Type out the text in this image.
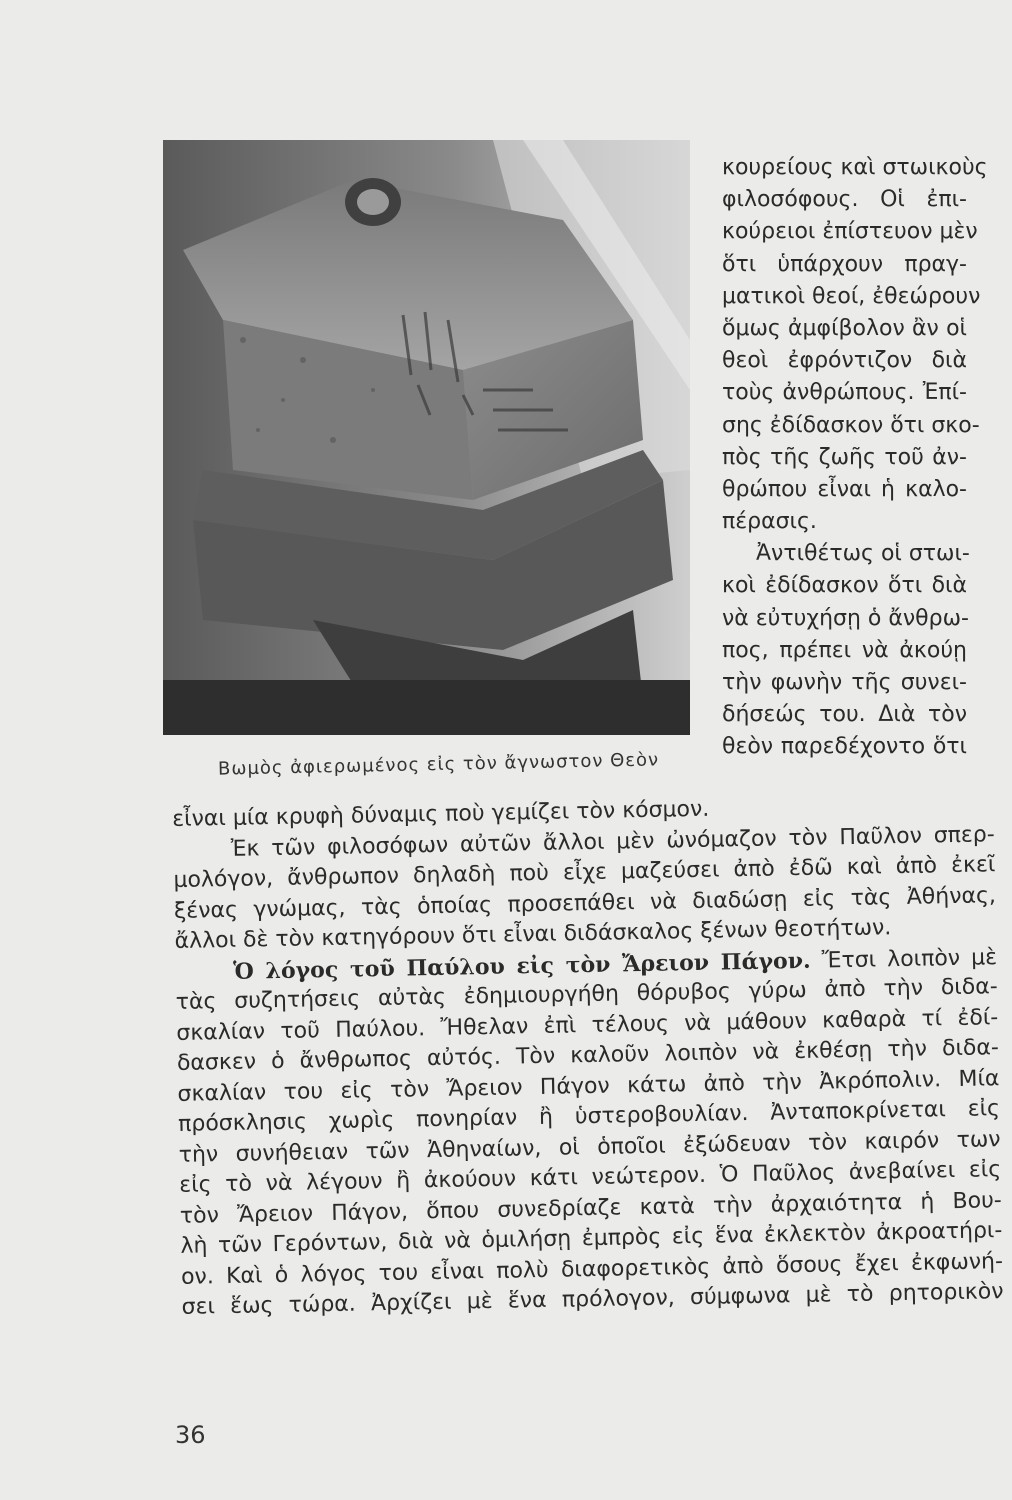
Βωμὸς ἀφιερωμένος εἰς τὸν ἄγνωστον Θεὸν
κουρείους καὶ στωικοὺς
φιλοσόφους. Οἱ ἐπι-
κούρειοι ἐπίστευον μὲν
ὅτι ὑπάρχουν πραγ-
ματικοὶ θεοί, ἐθεώρουν
ὅμως ἀμφίβολον ἂν οἱ
θεοὶ ἐφρόντιζον διὰ
τοὺς ἀνθρώπους. Ἐπί-
σης ἐδίδασκον ὅτι σκο-
πὸς τῆς ζωῆς τοῦ ἀν-
θρώπου εἶναι ἡ καλο-
πέρασις.
Ἀντιθέτως οἱ στωι-
κοὶ ἐδίδασκον ὅτι διὰ
νὰ εὐτυχήσῃ ὁ ἄνθρω-
πος, πρέπει νὰ ἀκούῃ
τὴν φωνὴν τῆς συνει-
δήσεώς του. Διὰ τὸν
θεὸν παρεδέχοντο ὅτι
εἶναι μία κρυφὴ δύναμις ποὺ γεμίζει τὸν κόσμον.
Ἐκ τῶν φιλοσόφων αὐτῶν ἄλλοι μὲν ὠνόμαζον τὸν Παῦλον σπερ-
μολόγον, ἄνθρωπον δηλαδὴ ποὺ εἶχε μαζεύσει ἀπὸ ἐδῶ καὶ ἀπὸ ἐκεῖ
ξένας γνώμας, τὰς ὁποίας προσεπάθει νὰ διαδώσῃ εἰς τὰς Ἀθήνας,
ἄλλοι δὲ τὸν κατηγόρουν ὅτι εἶναι διδάσκαλος ξένων θεοτήτων.
Ὁ λόγος τοῦ Παύλου εἰς τὸν Ἄρειον Πάγον. Ἔτσι λοιπὸν μὲ
τὰς συζητήσεις αὐτὰς ἐδημιουργήθη θόρυβος γύρω ἀπὸ τὴν διδα-
σκαλίαν τοῦ Παύλου. Ἤθελαν ἐπὶ τέλους νὰ μάθουν καθαρὰ τί ἐδί-
δασκεν ὁ ἄνθρωπος αὐτός. Τὸν καλοῦν λοιπὸν νὰ ἐκθέσῃ τὴν διδα-
σκαλίαν του εἰς τὸν Ἄρειον Πάγον κάτω ἀπὸ τὴν Ἀκρόπολιν. Μία
πρόσκλησις χωρὶς πονηρίαν ἢ ὑστεροβουλίαν. Ἀνταποκρίνεται εἰς
τὴν συνήθειαν τῶν Ἀθηναίων, οἱ ὁποῖοι ἐξώδευαν τὸν καιρόν των
εἰς τὸ νὰ λέγουν ἢ ἀκούουν κάτι νεώτερον. Ὁ Παῦλος ἀνεβαίνει εἰς
τὸν Ἄρειον Πάγον, ὅπου συνεδρίαζε κατὰ τὴν ἀρχαιότητα ἡ Βου-
λὴ τῶν Γερόντων, διὰ νὰ ὁμιλήσῃ ἐμπρὸς εἰς ἕνα ἐκλεκτὸν ἀκροατήρι-
ον. Καὶ ὁ λόγος του εἶναι πολὺ διαφορετικὸς ἀπὸ ὅσους ἔχει ἐκφωνή-
σει ἕως τώρα. Ἀρχίζει μὲ ἕνα πρόλογον, σύμφωνα μὲ τὸ ρητορικὸν
36
